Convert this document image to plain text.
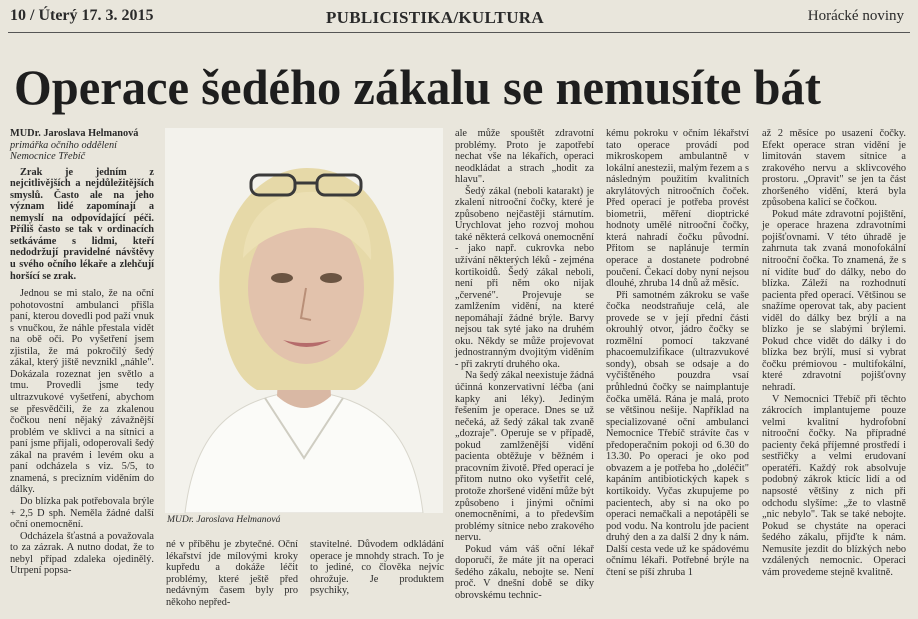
10 / Úterý 17. 3. 2015	PUBLICISTIKA/KULTURA	Horácké noviny
Operace šedého zákalu se nemusíte bát
MUDr. Jaroslava Helmanová
primářka očního oddělení
Nemocnice Třebíč

Zrak je jedním z nejcitlivějších a nejdůležitějších smyslů. Často ale na jeho význam lidé zapomínají a nemyslí na odpovídající péči. Příliš často se tak v ordinacích setkáváme s lidmi, kteří nedodržují pravidelné návštěvy u svého očního lékaře a zlehčují horšící se zrak.

Jednou se mi stalo, že na oční pohotovostní ambulanci přišla paní, kterou dovedli pod paží vnuk s vnučkou, že náhle přestala vidět na obě oči. Po vyšetření jsem zjistila, že má pokročilý šedý zákal, který jiště nevznikl „náhle". Dokázala rozeznat jen světlo a tmu. Provedli jsme tedy ultrazvukové vyšetření, abychom se přesvědčili, že za zkalenou čočkou není nějaký závažnější problém ve sklivci a na sítnici a paní jsme přijali, odoperovali šedý zákal na pravém i levém oku a paní odcházela s viz. 5/5, to znamená, s precizním viděním do dálky.

Do blízka pak potřebovala brýle + 2,5 D sph. Neměla žádné další oční onemocnění.

Odcházela šťastná a považovala to za zázrak. A nutno dodat, že to nebyl případ zdaleka ojedinělý. Utrpení popsa-

MUDr. Jaroslava Helmanová

né v příběhu je zbytečné. Oční lékařství jde mílovými kroky kupředu a dokáže léčit problémy, které ještě před nedávným časem byly pro někoho nepřed-

stavitelné. Důvodem odkládání operace je mnohdy strach. To je to jediné, co člověka nejvíc ohrožuje. Je produktem psychiky,

ale může spouštět zdravotní problémy. Proto je zapotřebí nechat vše na lékařích, operaci neodkládat a strach „hodit za hlavu".

Šedý zákal (neboli katarakt) je zkalení nitrooční čočky, které je způsobeno nejčastěji stárnutím. Urychlovat jeho rozvoj mohou také některá celková onemocnění - jako např. cukrovka nebo užívání některých léků - zejména kortikoidů. Šedý zákal neboli, není při něm oko nijak „červené". Projevuje se zamlžením vidění, na které nepomáhají žádné brýle. Barvy nejsou tak syté jako na druhém oku. Někdy se může projevovat jednostranným dvojitým viděním - při zakrytí druhého oka.

Na šedý zákal neexistuje žádná účinná konzervativní léčba (ani kapky ani léky). Jediným řešením je operace. Dnes se už nečeká, až šedý zákal tak zvaně „dozraje". Operuje se v případě, pokud zamlženější vidění pacienta obtěžuje v běžném i pracovním životě. Před operací je přitom nutno oko vyšetřit celé, protože zhoršené vidění může být způsobeno i jinými očními onemocněními, a to především problémy sítnice nebo zrakového nervu.

Pokud vám váš oční lékař doporučí, že máte jít na operaci šedého zákalu, nebojte se. Není proč. V dnešní době se díky obrovskému technic-

kému pokroku v očním lékařství tato operace provádí pod mikroskopem ambulantně v lokální anestezii, malým řezem a s následným použitím kvalitních akrylátových nitroočních čoček. Před operací je potřeba provést biometrii, měření dioptrické hodnoty umělé nitrooční čočky, která nahradí čočku původní. Přitom se naplánuje termín operace a dostanete podrobné poučení. Čekací doby nyní nejsou dlouhé, zhruba 14 dnů až měsíc.

Při samotném zákroku se vaše čočka neodstraňuje celá, ale provede se v její přední části okrouhlý otvor, jádro čočky se rozmělní pomocí takzvané phacoemulzifikace (ultrazvukové sondy), obsah se odsaje a do vyčištěného pouzdra vsaí průhlednú čočky se naimplantuje čočka umělá. Rána je malá, proto se většinou nešije. Například na specializované oční ambulanci Nemocnice Třebíč strávíte čas v předoperačním pokoji od 6.30 do 13.30. Po operaci je oko pod obvazem a je potřeba ho „doléčit" kapáním antibiotických kapek s kortikoidy. Vyčas zkupujeme po pacientech, aby si na oko po operaci nemačkali a nepotápěli se pod vodu. Na kontrolu jde pacient druhý den a za další 2 dny k nám. Další cesta vede už ke spádovému očnímu lékaři. Potřebné brýle na čtení se píší zhruba 1

až 2 měsíce po usazení čočky. Efekt operace stran vidění je limitován stavem sítnice a zrakového nervu a sklivcového prostoru. „Opravit" se jen ta část zhoršeného vidění, která byla způsobena kalicí se čočkou.

Pokud máte zdravotní pojištění, je operace hrazena zdravotními pojišťovnami. V této úhradě je zahrnuta tak zvaná monofokální nitrooční čočka. To znamená, že s ní vidíte buď do dálky, nebo do blízka. Záleží na rozhodnutí pacienta před operací. Většinou se snažíme operovat tak, aby pacient viděl do dálky bez brýlí a na blízko je se slabými brýlemi. Pokud chce vidět do dálky i do blízka bez brýlí, musí si vybrat čočku prémiovou - multifokální, které zdravotní pojišťovny nehradí.

V Nemocnici Třebíč při těchto zákrocích implantujeme pouze velmi kvalitní hydrofobní nitrooční čočky. Na přípradné pacienty čeká příjemné prostředí i sestřičky a velmi erudovaní operatéři. Každý rok absolvuje podobný zákrok kticíc lidí a od napsosté většiny z nich při odchodu slyšíme: „že to vlastně „nic nebylo". Tak se také nebojte. Pokud se chystáte na operaci šedého zákalu, přijďte k nám. Nemusíte jezdit do blízkých nebo vzdálených nemocnic. Operaci vám provedeme stejně kvalitně.
